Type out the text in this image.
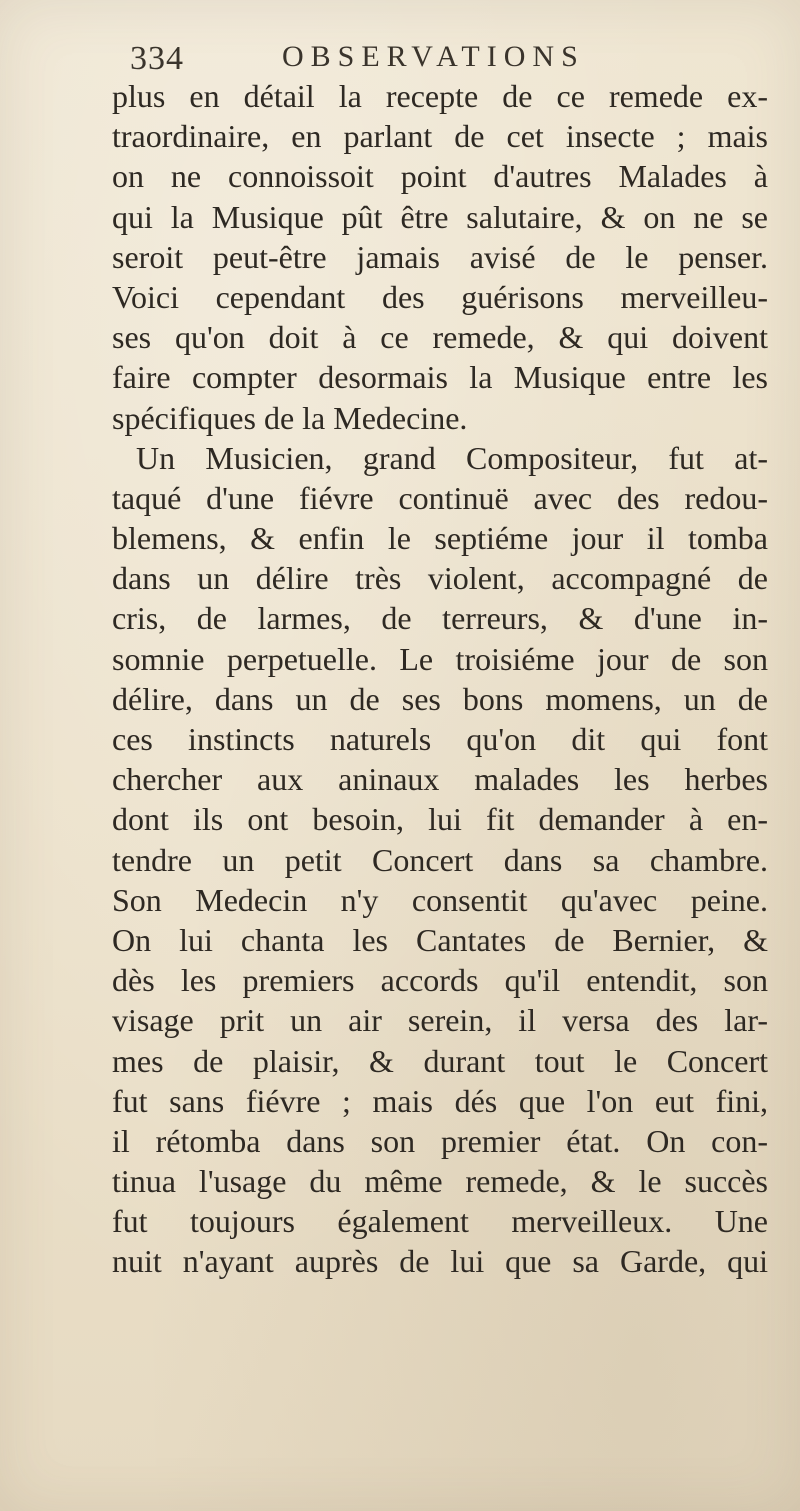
334	OBSERVATIONS
plus en détail la recepte de ce remede ex-
traordinaire, en parlant de cet insecte ; mais
on ne connoissoit point d'autres Malades à
qui la Musique pût être salutaire, & on ne se
seroit peut-être jamais avisé de le penser.
Voici cependant des guérisons merveilleu-
ses qu'on doit à ce remede, & qui doivent
faire compter desormais la Musique entre les
spécifiques de la Medecine.
Un Musicien, grand Compositeur, fut at-
taqué d'une fiévre continuë avec des redou-
blemens, & enfin le septiéme jour il tomba
dans un délire très violent, accompagné de
cris, de larmes, de terreurs, & d'une in-
somnie perpetuelle. Le troisiéme jour de son
délire, dans un de ses bons momens, un de
ces instincts naturels qu'on dit qui font
chercher aux aninaux malades les herbes
dont ils ont besoin, lui fit demander à en-
tendre un petit Concert dans sa chambre.
Son Medecin n'y consentit qu'avec peine.
On lui chanta les Cantates de Bernier, &
dès les premiers accords qu'il entendit, son
visage prit un air serein, il versa des lar-
mes de plaisir, & durant tout le Concert
fut sans fiévre ; mais dés que l'on eut fini,
il rétomba dans son premier état. On con-
tinua l'usage du même remede, & le succès
fut toujours également merveilleux. Une
nuit n'ayant auprès de lui que sa Garde, qui
